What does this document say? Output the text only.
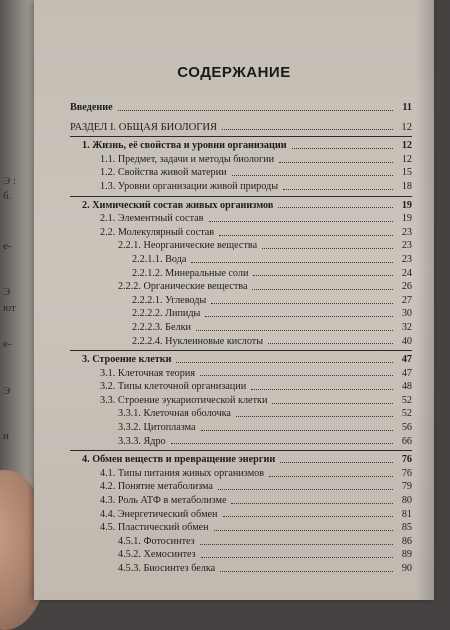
Э :
б.
е-
Э
ют
е-
Э
и
СОДЕРЖАНИЕ
Введение	11
РАЗДЕЛ I. ОБЩАЯ БИОЛОГИЯ	12
1. Жизнь, её свойства и уровни организации	12
1.1. Предмет, задачи и методы биологии	12
1.2. Свойства живой материи	15
1.3. Уровни организации живой природы	18
2. Химический состав живых организмов	19
2.1. Элементный состав	19
2.2. Молекулярный состав	23
2.2.1. Неорганические вещества	23
2.2.1.1. Вода	23
2.2.1.2. Минеральные соли	24
2.2.2. Органические вещества	26
2.2.2.1. Углеводы	27
2.2.2.2. Липиды	30
2.2.2.3. Белки	32
2.2.2.4. Нуклеиновые кислоты	40
3. Строение клетки	47
3.1. Клеточная теория	47
3.2. Типы клеточной организации	48
3.3. Строение эукариотической клетки	52
3.3.1. Клеточная оболочка	52
3.3.2. Цитоплазма	56
3.3.3. Ядро	66
4. Обмен веществ и превращение энергии	76
4.1. Типы питания живых организмов	76
4.2. Понятие метаболизма	79
4.3. Роль АТФ в метаболизме	80
4.4. Энергетический обмен	81
4.5. Пластический обмен	85
4.5.1. Фотосинтез	86
4.5.2. Хемосинтез	89
4.5.3. Биосинтез белка	90
